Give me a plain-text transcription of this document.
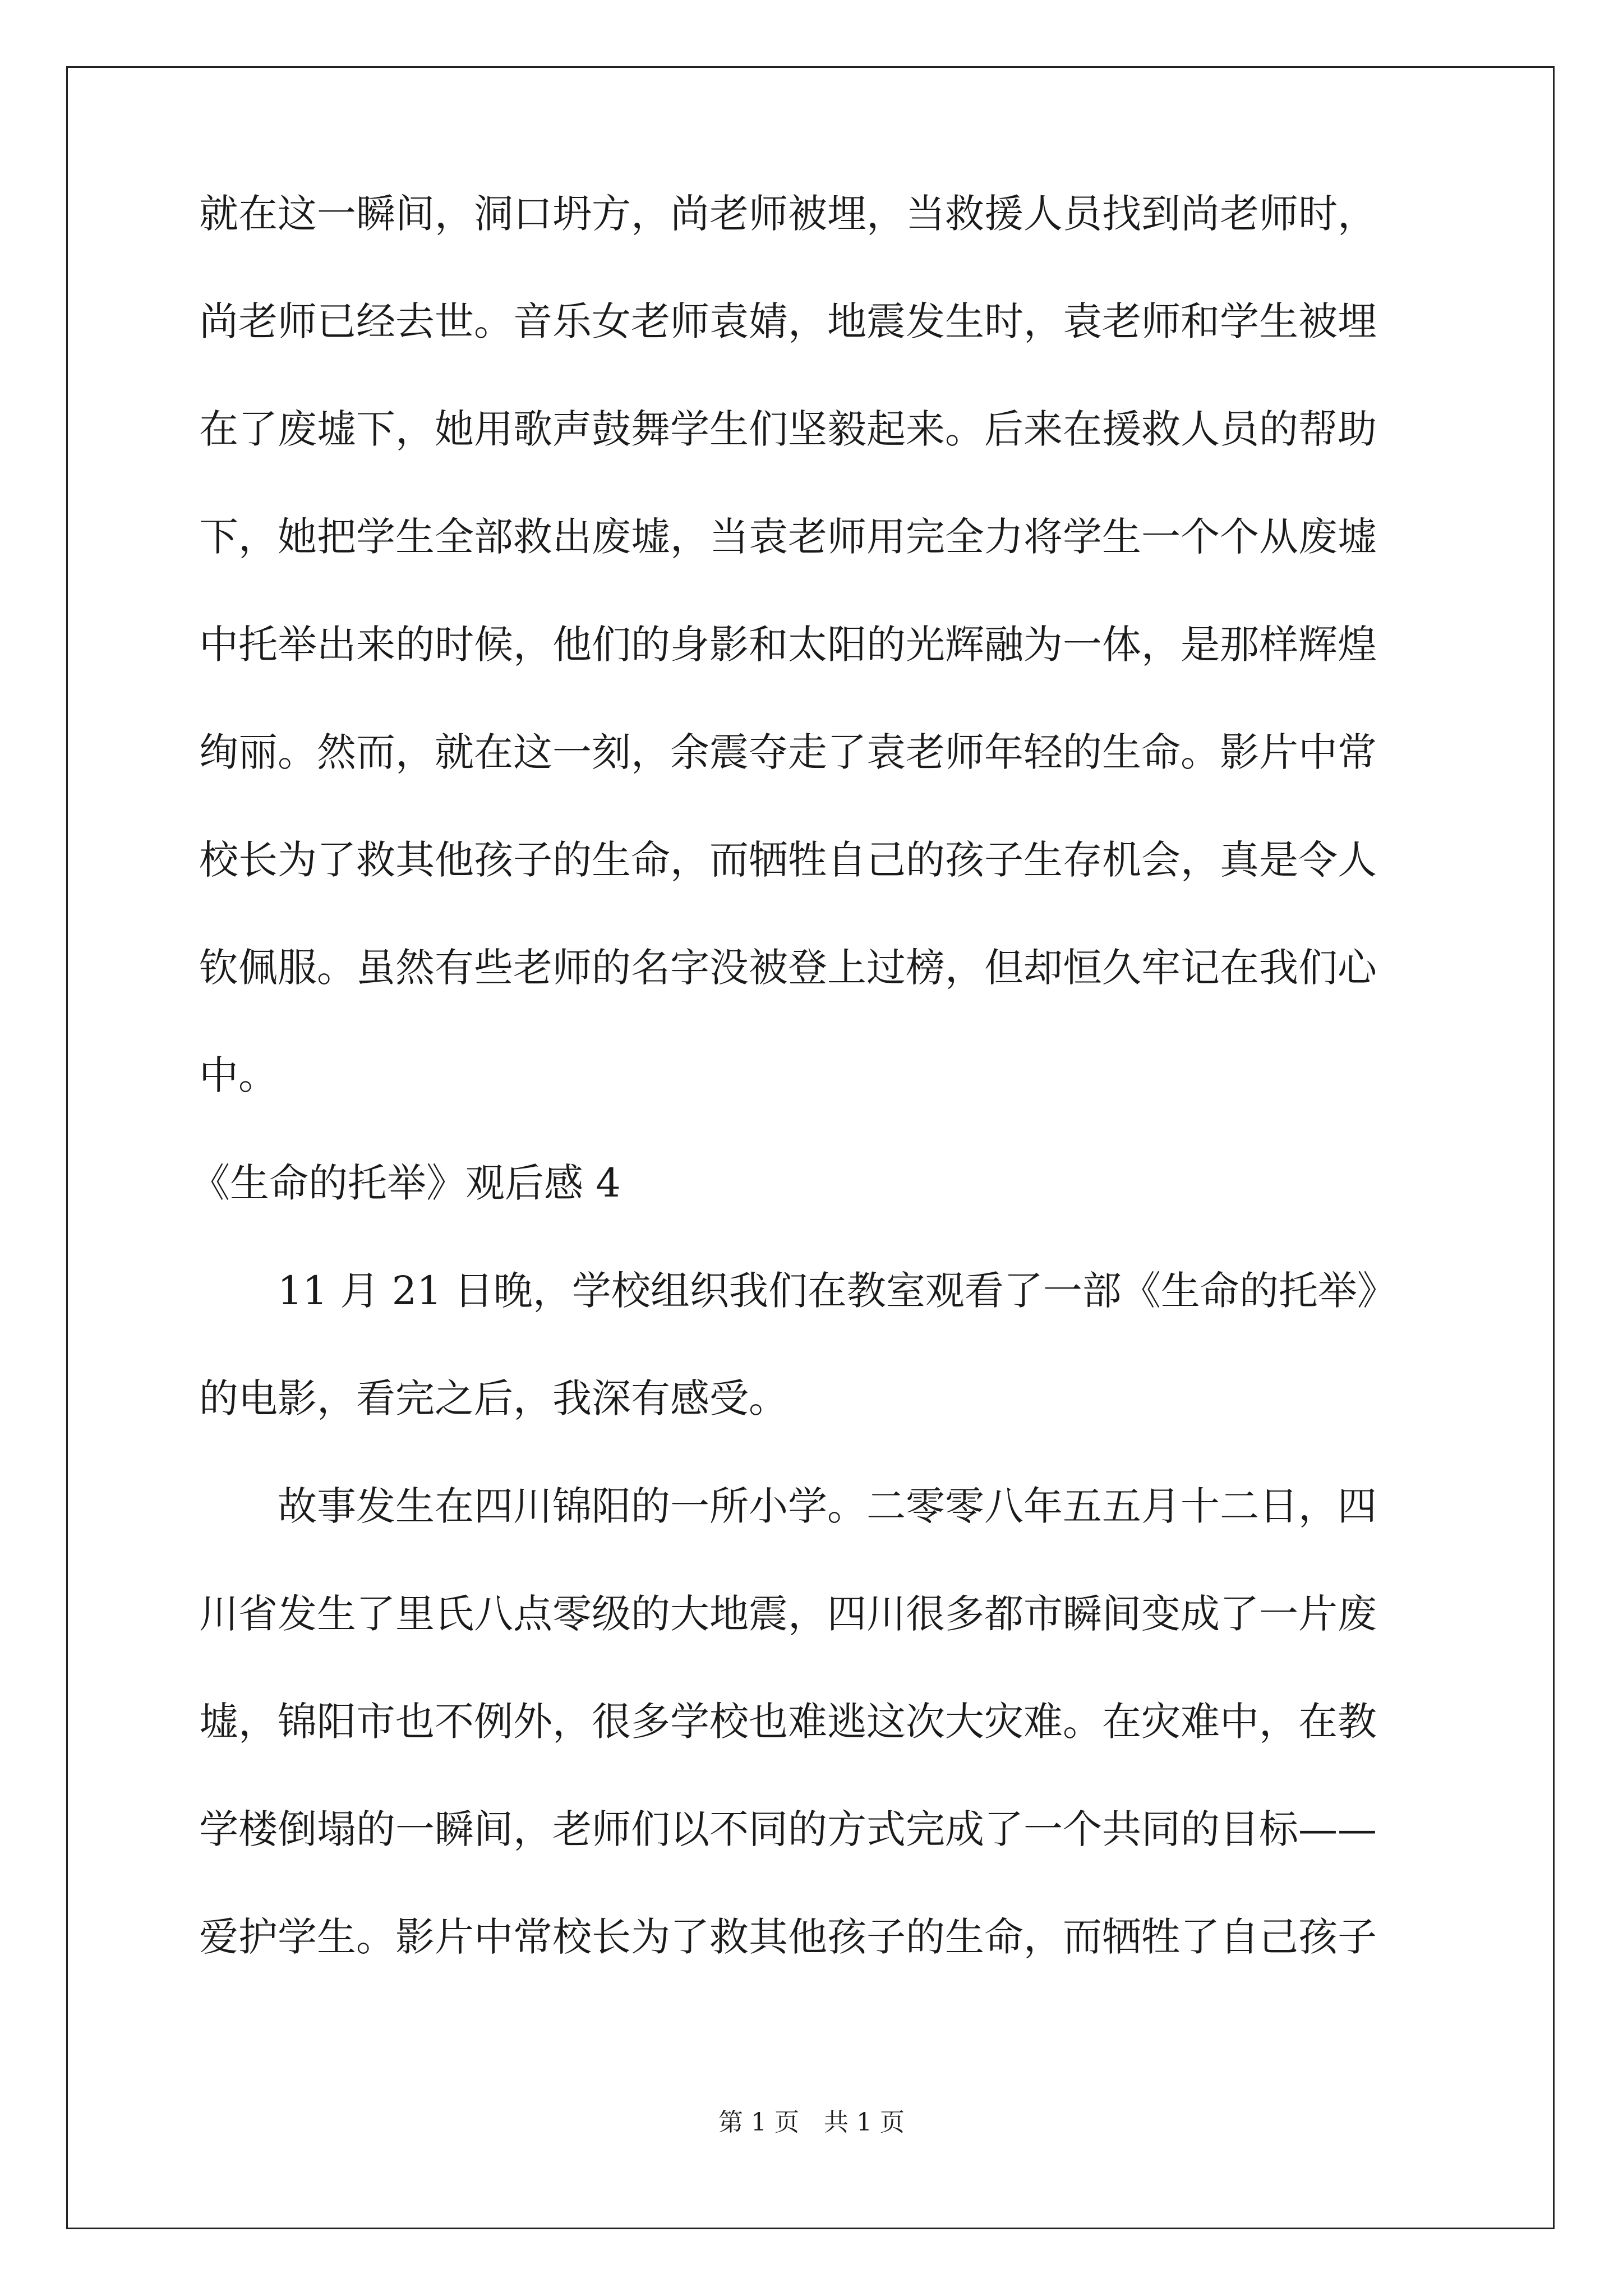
就在这一瞬间，洞口坍方，尚老师被埋，当救援人员找到尚老师时，
尚老师已经去世。音乐女老师袁婧，地震发生时，袁老师和学生被埋
在了废墟下，她用歌声鼓舞学生们坚毅起来。后来在援救人员的帮助
下，她把学生全部救出废墟，当袁老师用完全力将学生一个个从废墟
中托举出来的时候，他们的身影和太阳的光辉融为一体，是那样辉煌
绚丽。然而，就在这一刻，余震夺走了袁老师年轻的生命。影片中常
校长为了救其他孩子的生命，而牺牲自己的孩子生存机会，真是令人
钦佩服。虽然有些老师的名字没被登上过榜，但却恒久牢记在我们心
中。
《生命的托举》观后感 4
11 月 21 日晚，学校组织我们在教室观看了一部《生命的托举》
的电影，看完之后，我深有感受。
故事发生在四川锦阳的一所小学。二零零八年五五月十二日，四
川省发生了里氏八点零级的大地震，四川很多都市瞬间变成了一片废
墟，锦阳市也不例外，很多学校也难逃这次大灾难。在灾难中，在教
学楼倒塌的一瞬间，老师们以不同的方式完成了一个共同的目标——
爱护学生。影片中常校长为了救其他孩子的生命，而牺牲了自己孩子
第 1 页　共 1 页
